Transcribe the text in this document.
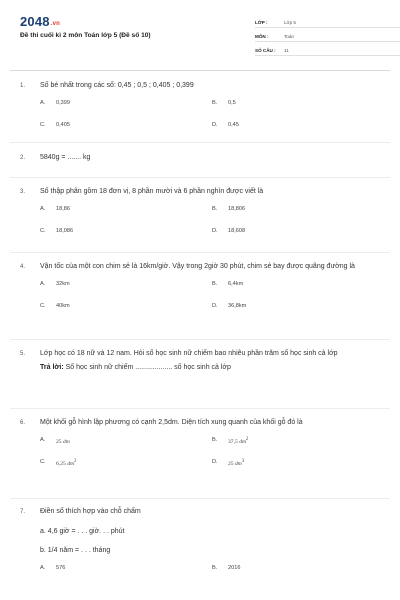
2048.vn
Đề thi cuối kì 2 môn Toán lớp 5 (Đề số 10)
LỚP :	Lớp 5
MÔN :	Toán
SỐ CÂU :	11
1.	Số bé nhất trong các số: 0,45 ; 0,5 ; 0,405 ; 0,399
A.	0,399	B.	0,5
C.	0,405	D.	0,45
2.	5840g = ....... kg
3.	Số thập phân gồm 18 đơn vị, 8 phần mười và 6 phần nghìn được viết là
A.	18,86	B.	18,806
C.	18,086	D.	18,608
4.	Vận tốc của một con chim sẻ là 16km/giờ. Vậy trong 2giờ 30 phút, chim sẻ bay được quãng đường là
A.	32km	B.	6,4km
C.	40km	D.	36,8km
5.	Lớp học có 18 nữ và 12 nam. Hỏi số học sinh nữ chiếm bao nhiêu phần trăm số học sinh cả lớp
Trả lời: Số học sinh nữ chiếm ................... số học sinh cả lớp
6.	Một khối gỗ hình lập phương có cạnh 2,5dm. Diện tích xung quanh của khối gỗ đó là
A.	25 dm	B.	37,5 $dm^2$
C.	6,25 $dm^2$	D.	25 $dm^3$
7.	Điền số thích hợp vào chỗ chấm
a. 4,6 giờ = . . . giờ. . . phút
b. 1/4 năm = . . . tháng
A.	576	B.	2016
